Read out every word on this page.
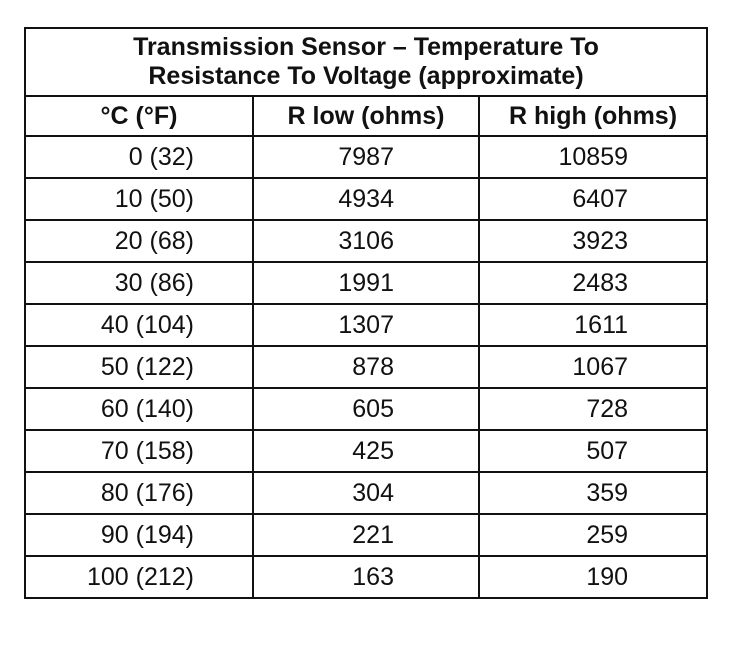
Transmission Sensor – Temperature To
Resistance To Voltage (approximate)		

°C (°F)	R low (ohms)	R high (ohms)
0 (32)	7987	10859
10 (50)	4934	6407
20 (68)	3106	3923
30 (86)	1991	2483
40 (104)	1307	1611
50 (122)	878	1067
60 (140)	605	728
70 (158)	425	507
80 (176)	304	359
90 (194)	221	259
100 (212)	163	190
